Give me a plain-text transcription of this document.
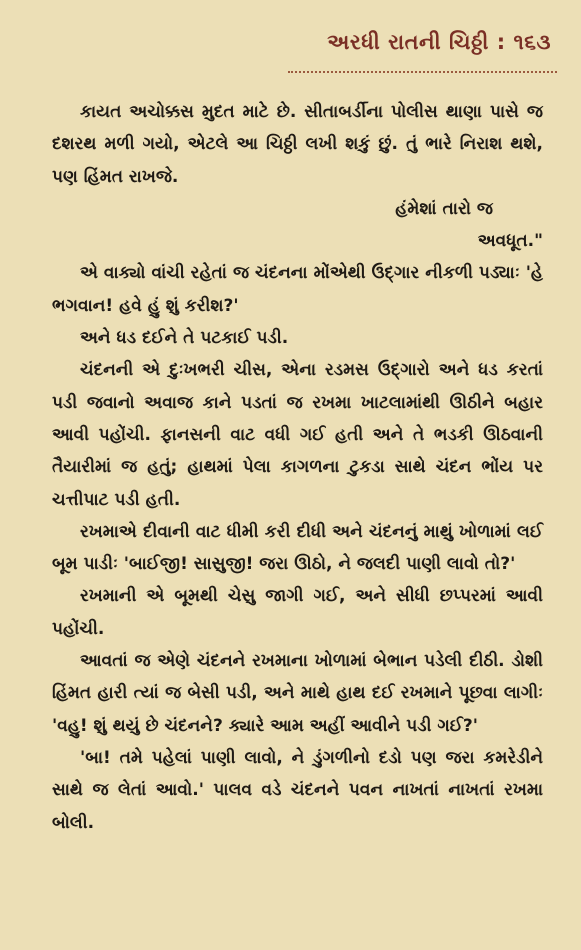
અરધી રાતની ચિઠ્ઠી : ૧૬૩

કાયત અચોક્કસ મુદત માટે છે. સીતાબર્ડીના પોલીસ થાણા પાસે જ દશરથ મળી ગયો, એટલે આ ચિઠ્ઠી લખી શકું છું. તું ભારે નિરાશ થશે, પણ હિંમત રાખજે.

હંમેશાં તારો જ

અવધૂત."

એ વાક્યો વાંચી રહેતાં જ ચંદનના મોંએથી ઉદ્ગાર નીકળી પડ્યાઃ 'હે ભગવાન! હવે હું શું કરીશ?'

અને ધડ દઈને તે પટકાઈ પડી.

ચંદનની એ દુઃખભરી ચીસ, એના રડમસ ઉદ્ગારો અને ધડ કરતાં પડી જવાનો અવાજ કાને પડતાં જ રખમા ખાટલામાંથી ઊઠીને બહાર આવી પહોંચી. ફાનસની વાટ વધી ગઈ હતી અને તે ભડકી ઊઠવાની તૈયારીમાં જ હતું; હાથમાં પેલા કાગળના ટુકડા સાથે ચંદન ભોંય પર ચત્તીપાટ પડી હતી.

રખમાએ દીવાની વાટ ધીમી કરી દીધી અને ચંદનનું માથું ખોળામાં લઈ બૂમ પાડીઃ 'બાઈજી! સાસુજી! જરા ઊઠો, ને જલદી પાણી લાવો તો?'

રખમાની એ બૂમથી ચેસુ જાગી ગઈ, અને સીધી છપ્પરમાં આવી પહોંચી.

આવતાં જ એણે ચંદનને રખમાના ખોળામાં બેભાન પડેલી દીઠી. ડોશી હિંમત હારી ત્યાં જ બેસી પડી, અને માથે હાથ દઈ રખમાને પૂછવા લાગીઃ 'વહુ! શું થયું છે ચંદનને? ક્યારે આમ અહીં આવીને પડી ગઈ?'

'બા! તમે પહેલાં પાણી લાવો, ને ડુંગળીનો દડો પણ જરા કમરેડીને સાથે જ લેતાં આવો.' પાલવ વડે ચંદનને પવન નાખતાં નાખતાં રખમા બોલી.
